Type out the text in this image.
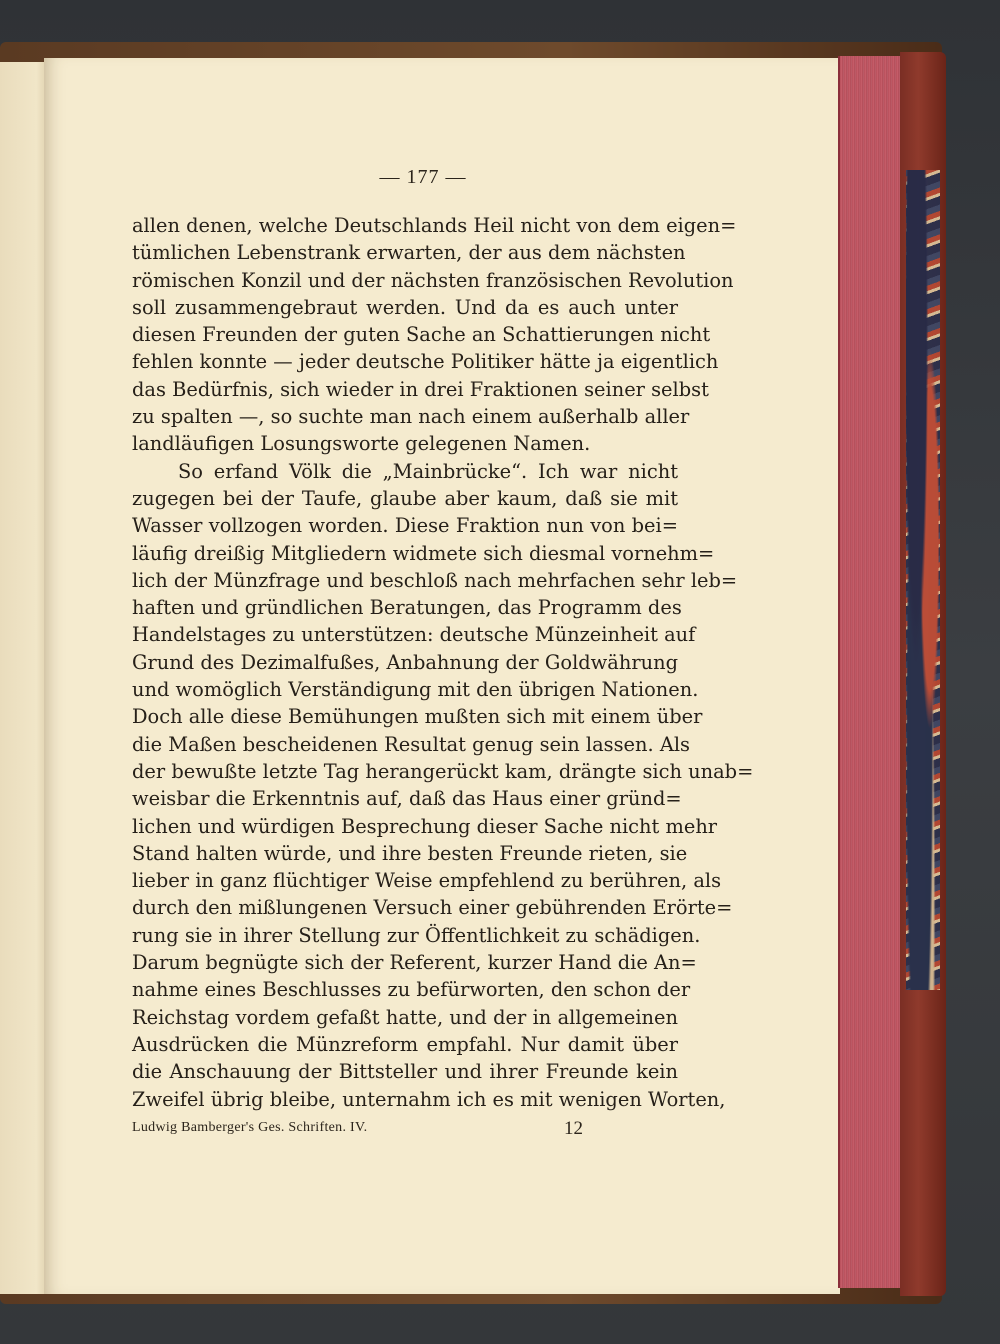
— 177 —
allen denen, welche Deutschlands Heil nicht von dem eigen=
tümlichen Lebenstrank erwarten, der aus dem nächsten
römischen Konzil und der nächsten französischen Revolution
soll zusammengebraut werden. Und da es auch unter
diesen Freunden der guten Sache an Schattierungen nicht
fehlen konnte — jeder deutsche Politiker hätte ja eigentlich
das Bedürfnis, sich wieder in drei Fraktionen seiner selbst
zu spalten —, so suchte man nach einem außerhalb aller
landläufigen Losungsworte gelegenen Namen.
So erfand Völk die „Mainbrücke“. Ich war nicht
zugegen bei der Taufe, glaube aber kaum, daß sie mit
Wasser vollzogen worden. Diese Fraktion nun von bei=
läufig dreißig Mitgliedern widmete sich diesmal vornehm=
lich der Münzfrage und beschloß nach mehrfachen sehr leb=
haften und gründlichen Beratungen, das Programm des
Handelstages zu unterstützen: deutsche Münzeinheit auf
Grund des Dezimalfußes, Anbahnung der Goldwährung
und womöglich Verständigung mit den übrigen Nationen.
Doch alle diese Bemühungen mußten sich mit einem über
die Maßen bescheidenen Resultat genug sein lassen. Als
der bewußte letzte Tag herangerückt kam, drängte sich unab=
weisbar die Erkenntnis auf, daß das Haus einer gründ=
lichen und würdigen Besprechung dieser Sache nicht mehr
Stand halten würde, und ihre besten Freunde rieten, sie
lieber in ganz flüchtiger Weise empfehlend zu berühren, als
durch den mißlungenen Versuch einer gebührenden Erörte=
rung sie in ihrer Stellung zur Öffentlichkeit zu schädigen.
Darum begnügte sich der Referent, kurzer Hand die An=
nahme eines Beschlusses zu befürworten, den schon der
Reichstag vordem gefaßt hatte, und der in allgemeinen
Ausdrücken die Münzreform empfahl. Nur damit über
die Anschauung der Bittsteller und ihrer Freunde kein
Zweifel übrig bleibe, unternahm ich es mit wenigen Worten,
Ludwig Bamberger's Ges. Schriften. IV.	12
